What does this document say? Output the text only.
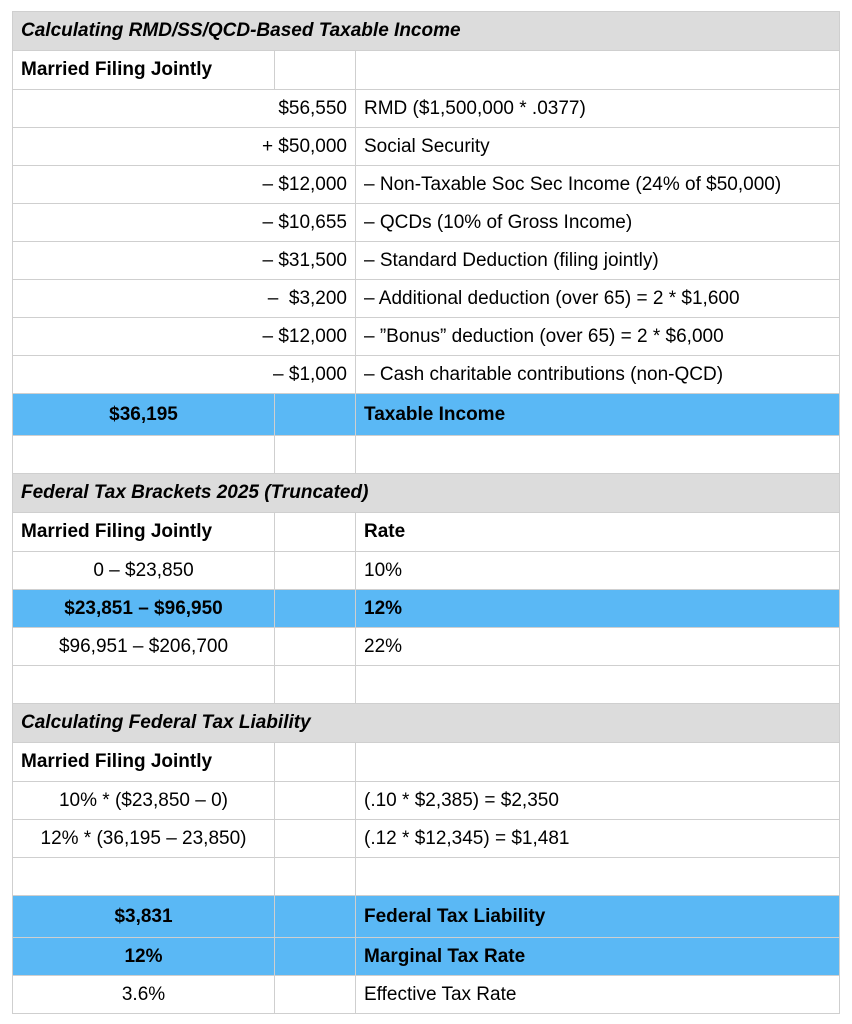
Calculating RMD/SS/QCD-Based Taxable Income		
Married Filing Jointly		
$56,550		RMD ($1,500,000 * .0377)
+ $50,000		Social Security
– $12,000		– Non-Taxable Soc Sec Income (24% of $50,000)
– $10,655		– QCDs (10% of Gross Income)
– $31,500		– Standard Deduction (filing jointly)
–  $3,200		– Additional deduction (over 65) = 2 * $1,600
– $12,000		– ”Bonus” deduction (over 65) = 2 * $6,000
– $1,000		– Cash charitable contributions (non-QCD)
$36,195		Taxable Income

Federal Tax Brackets 2025 (Truncated)		
Married Filing Jointly		Rate
0 – $23,850		10%
$23,851 – $96,950		12%
$96,951 – $206,700		22%

Calculating Federal Tax Liability		
Married Filing Jointly		
10% * ($23,850 – 0)		(.10 * $2,385) = $2,350
12% * (36,195 – 23,850)		(.12 * $12,345) = $1,481

$3,831		Federal Tax Liability
12%		Marginal Tax Rate
3.6%		Effective Tax Rate
